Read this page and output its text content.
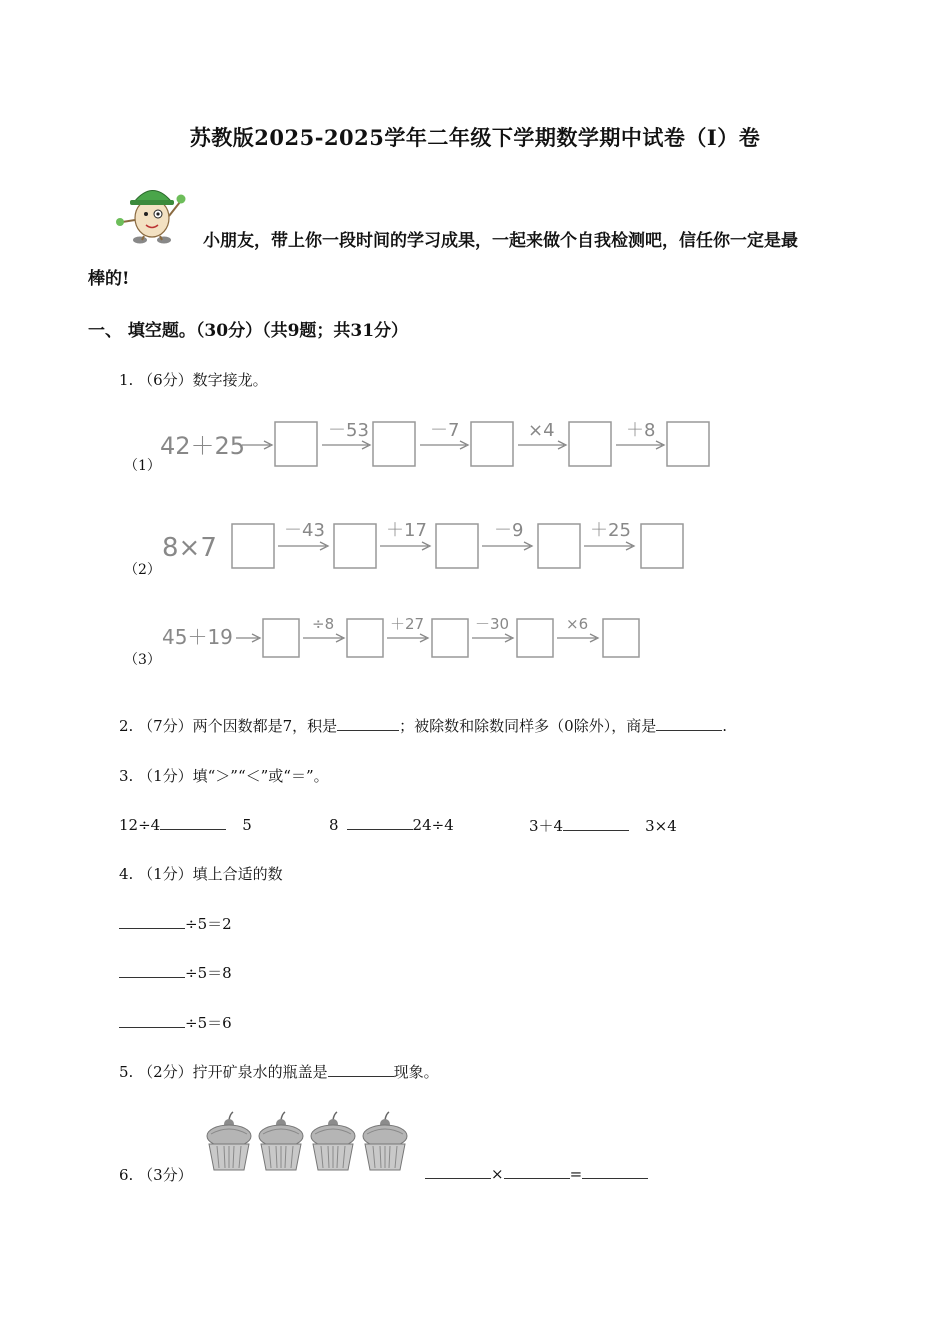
苏教版2025-2025学年二年级下学期数学期中试卷（I）卷
小朋友，带上你一段时间的学习成果，一起来做个自我检测吧，信任你一定是最
棒的!
一、 填空题。（30分）（共9题；共31分）
1. （6分）数字接龙。
（1）
42＋25
－53	－7	×4	＋8
（2）
8×7
－43	＋17	－9	＋25
（3）
45＋19
÷8	＋27	－30	×6
2. （7分）两个因数都是7，积是	；被除数和除数同样多（0除外），商是	.
3. （1分）填“＞”“＜”或“＝”。
12÷4	5	8	24÷4	3＋4	3×4
4. （1分）填上合适的数
÷5＝2
÷5＝8
÷5＝6
5. （2分）拧开矿泉水的瓶盖是	现象。
6. （3分）	×	=
